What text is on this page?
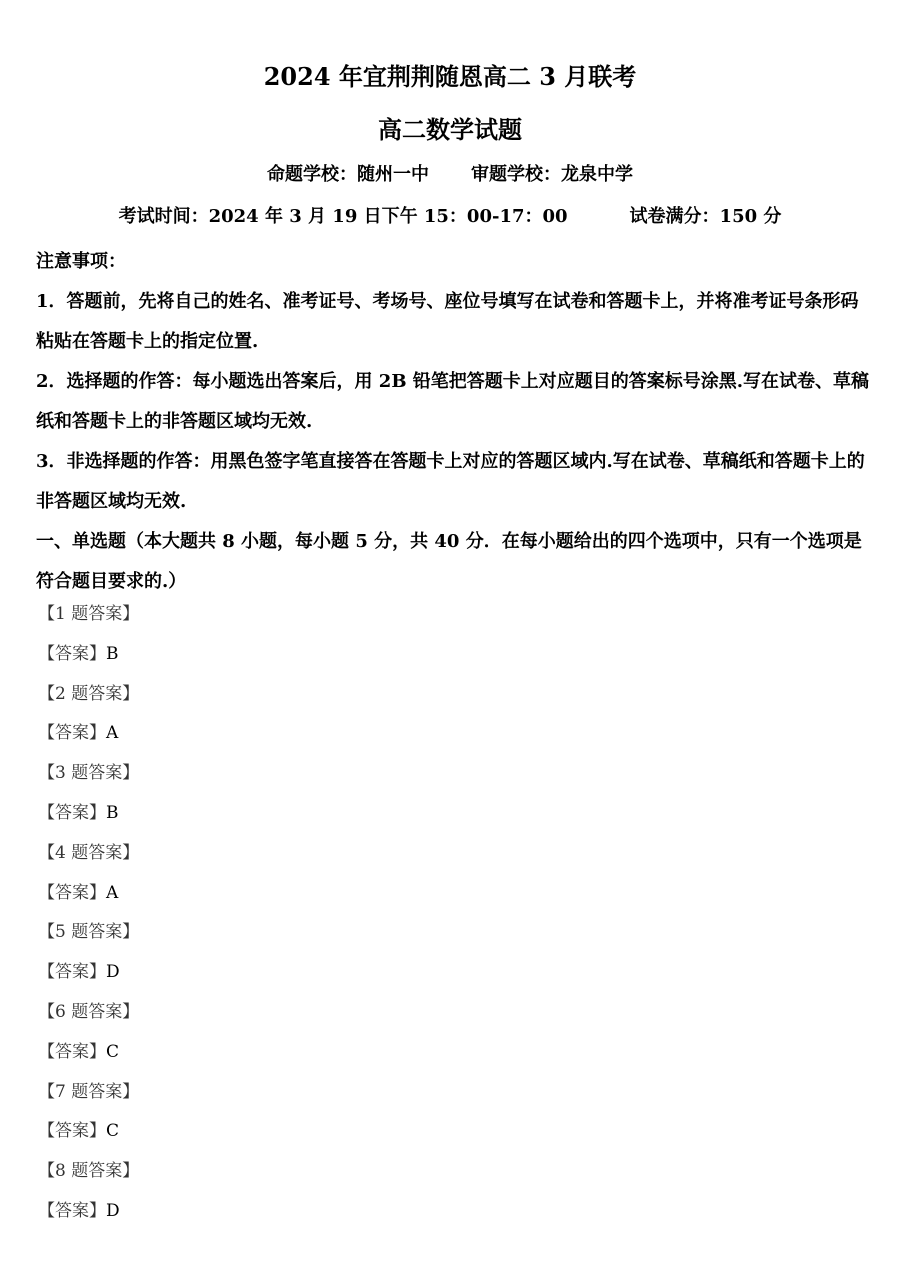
2024 年宜荆荆随恩高二 3 月联考
高二数学试题
命题学校：随州一中 审题学校：龙泉中学
考试时间：2024 年 3 月 19 日下午 15：00-17：00	试卷满分：150 分

注意事项：

1．答题前，先将自己的姓名、准考证号、考场号、座位号填写在试卷和答题卡上，并将准考证号条形码粘贴在答题卡上的指定位置.

2．选择题的作答：每小题选出答案后，用 2B 铅笔把答题卡上对应题目的答案标号涂黑.写在试卷、草稿纸和答题卡上的非答题区域均无效.

3．非选择题的作答：用黑色签字笔直接答在答题卡上对应的答题区域内.写在试卷、草稿纸和答题卡上的非答题区域均无效.

一、单选题（本大题共 8 小题，每小题 5 分，共 40 分．在每小题给出的四个选项中，只有一个选项是符合题目要求的.）

【1 题答案】
【答案】B
【2 题答案】
【答案】A
【3 题答案】
【答案】B
【4 题答案】
【答案】A
【5 题答案】
【答案】D
【6 题答案】
【答案】C
【7 题答案】
【答案】C
【8 题答案】
【答案】D
